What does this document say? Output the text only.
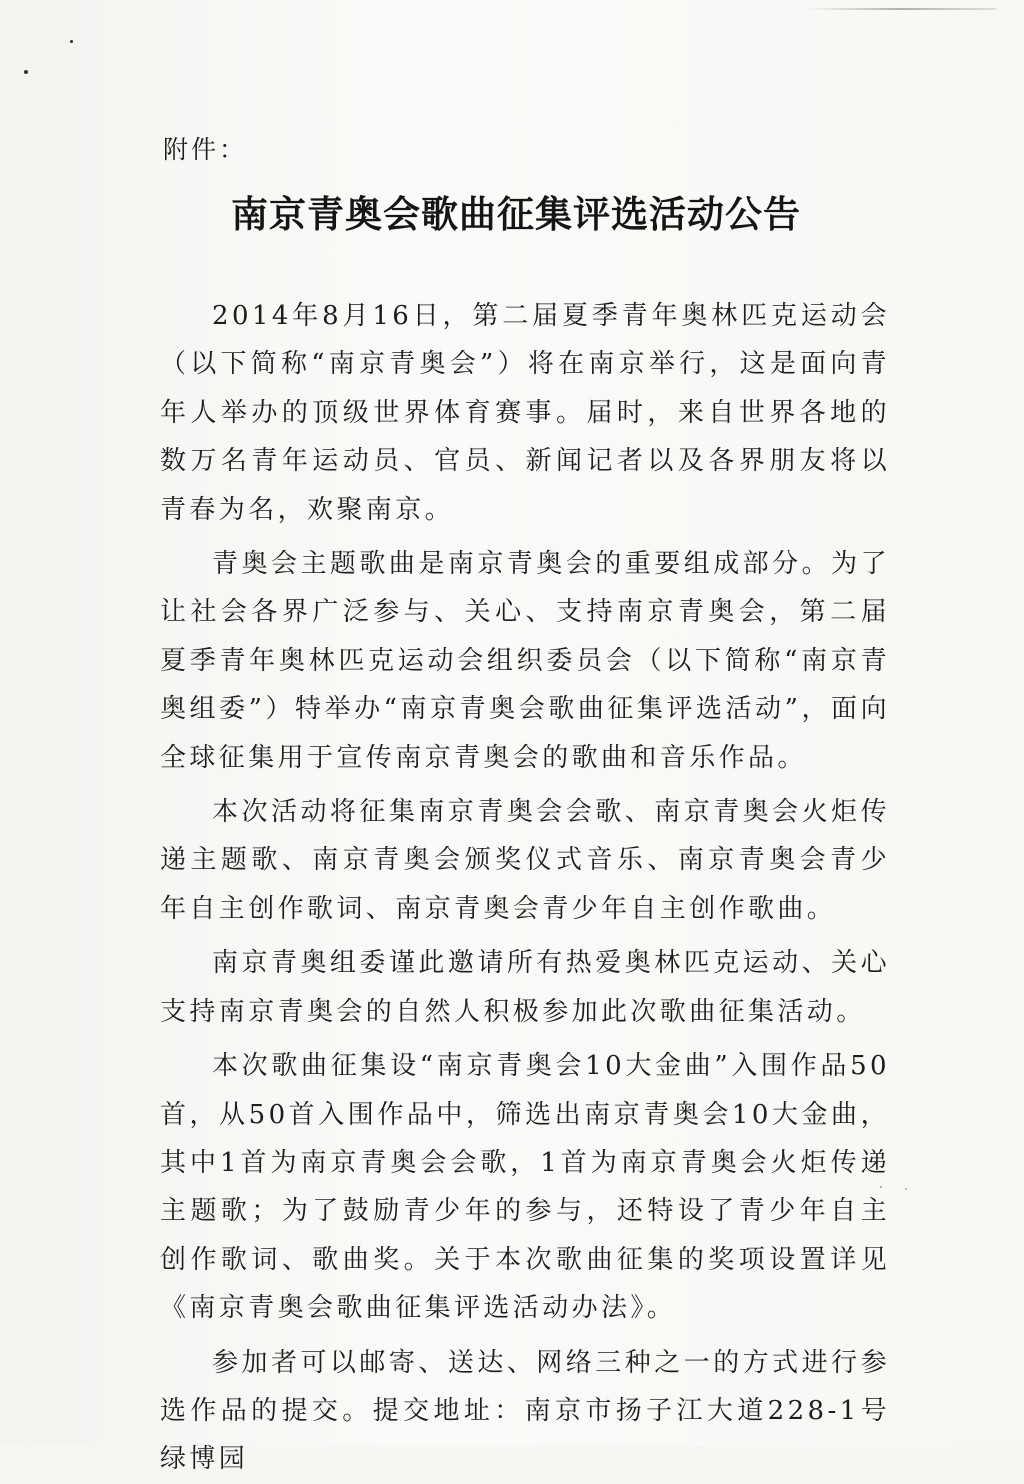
附件：
南京青奥会歌曲征集评选活动公告

2014年8月16日，第二届夏季青年奥林匹克运动会（以下简称“南京青奥会”）将在南京举行，这是面向青年人举办的顶级世界体育赛事。届时，来自世界各地的数万名青年运动员、官员、新闻记者以及各界朋友将以青春为名，欢聚南京。

青奥会主题歌曲是南京青奥会的重要组成部分。为了让社会各界广泛参与、关心、支持南京青奥会，第二届夏季青年奥林匹克运动会组织委员会（以下简称“南京青奥组委”）特举办“南京青奥会歌曲征集评选活动”，面向全球征集用于宣传南京青奥会的歌曲和音乐作品。

本次活动将征集南京青奥会会歌、南京青奥会火炬传递主题歌、南京青奥会颁奖仪式音乐、南京青奥会青少年自主创作歌词、南京青奥会青少年自主创作歌曲。

南京青奥组委谨此邀请所有热爱奥林匹克运动、关心支持南京青奥会的自然人积极参加此次歌曲征集活动。

本次歌曲征集设“南京青奥会10大金曲”入围作品50首，从50首入围作品中，筛选出南京青奥会10大金曲，其中1首为南京青奥会会歌，1首为南京青奥会火炬传递主题歌；为了鼓励青少年的参与，还特设了青少年自主创作歌词、歌曲奖。关于本次歌曲征集的奖项设置详见《南京青奥会歌曲征集评选活动办法》。

参加者可以邮寄、送达、网络三种之一的方式进行参选作品的提交。提交地址：南京市扬子江大道228-1号绿博园
